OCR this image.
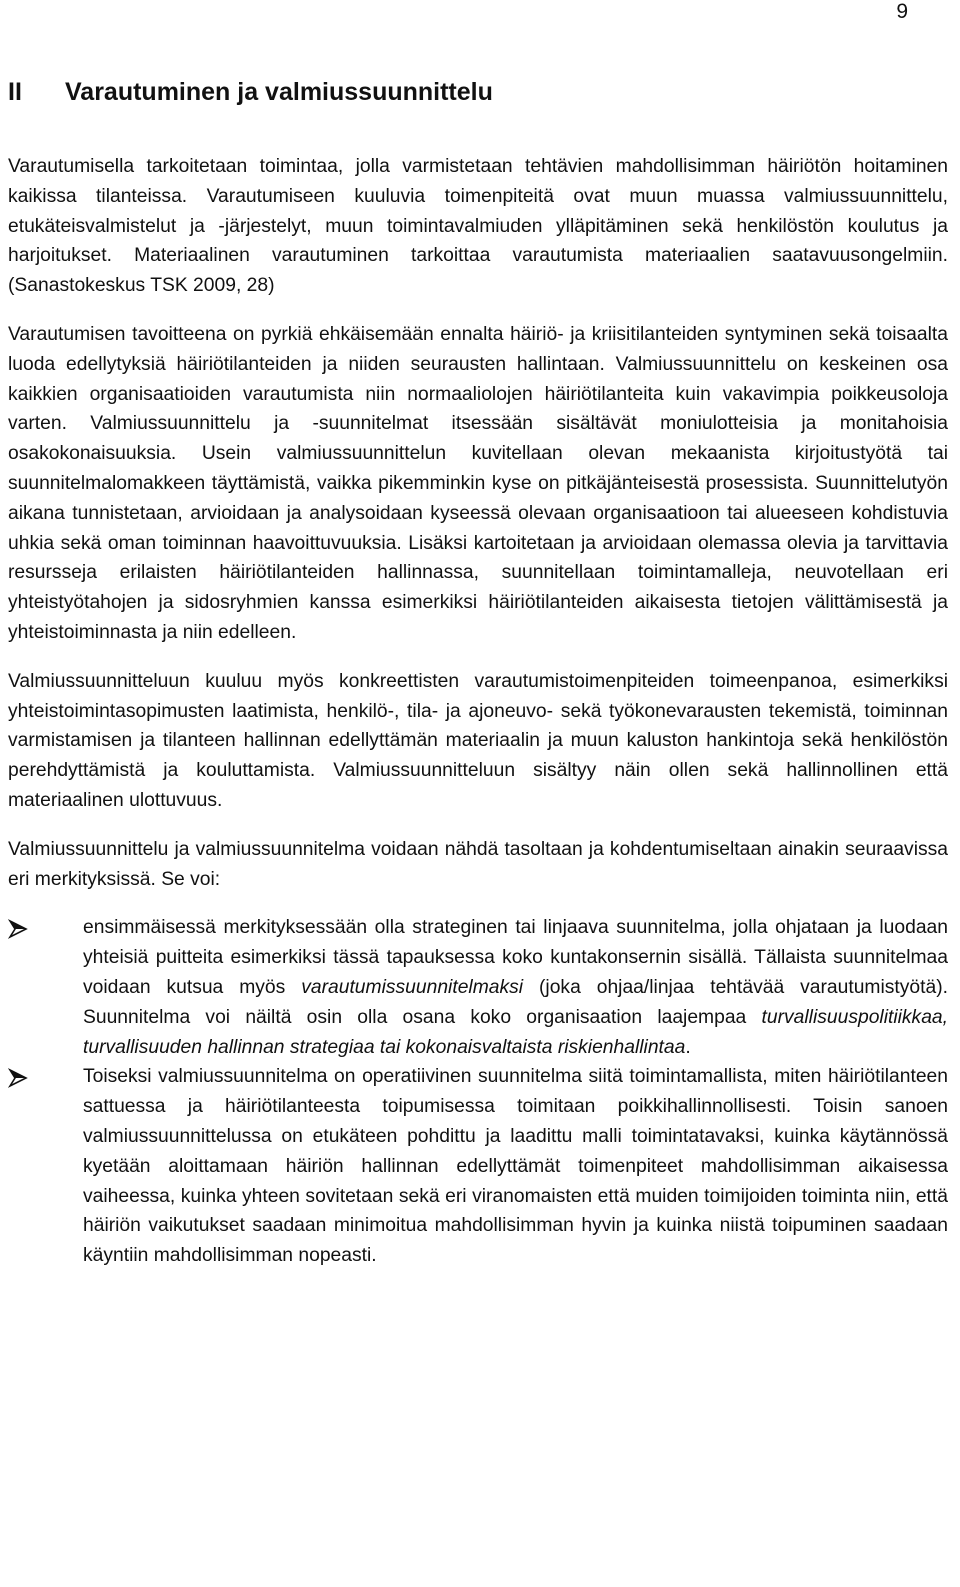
9
II	Varautuminen ja valmiussuunnittelu

Varautumisella tarkoitetaan toimintaa, jolla varmistetaan tehtävien mahdollisimman häiriötön hoitaminen kaikissa tilanteissa. Varautumiseen kuuluvia toimenpiteitä ovat muun muassa valmiussuunnittelu, etukäteisvalmistelut ja -järjestelyt, muun toimintavalmiuden ylläpitäminen sekä henkilöstön koulutus ja harjoitukset. Materiaalinen varautuminen tarkoittaa varautumista materiaalien saatavuusongelmiin. (Sanastokeskus TSK 2009, 28)

Varautumisen tavoitteena on pyrkiä ehkäisemään ennalta häiriö- ja kriisitilanteiden syntyminen sekä toisaalta luoda edellytyksiä häiriötilanteiden ja niiden seurausten hallintaan. Valmiussuunnittelu on keskeinen osa kaikkien organisaatioiden varautumista niin normaaliolojen häiriötilanteita kuin vakavimpia poikkeusoloja varten. Valmiussuunnittelu ja -suunnitelmat itsessään sisältävät moniulotteisia ja monitahoisia osakokonaisuuksia. Usein valmiussuunnittelun kuvitellaan olevan mekaanista kirjoitustyötä tai suunnitelmalomakkeen täyttämistä, vaikka pikemminkin kyse on pitkäjänteisestä prosessista. Suunnittelutyön aikana tunnistetaan, arvioidaan ja analysoidaan kyseessä olevaan organisaatioon tai alueeseen kohdistuvia uhkia sekä oman toiminnan haavoittuvuuksia. Lisäksi kartoitetaan ja arvioidaan olemassa olevia ja tarvittavia resursseja erilaisten häiriötilanteiden hallinnassa, suunnitellaan toimintamalleja, neuvotellaan eri yhteistyötahojen ja sidosryhmien kanssa esimerkiksi häiriötilanteiden aikaisesta tietojen välittämisestä ja yhteistoiminnasta ja niin edelleen.

Valmiussuunnitteluun kuuluu myös konkreettisten varautumistoimenpiteiden toimeenpanoa, esimerkiksi yhteistoimintasopimusten laatimista, henkilö-, tila- ja ajoneuvo- sekä työkonevarausten tekemistä, toiminnan varmistamisen ja tilanteen hallinnan edellyttämän materiaalin ja muun kaluston hankintoja sekä henkilöstön perehdyttämistä ja kouluttamista. Valmiussuunnitteluun sisältyy näin ollen sekä hallinnollinen että materiaalinen ulottuvuus.

Valmiussuunnittelu ja valmiussuunnitelma voidaan nähdä tasoltaan ja kohdentumiseltaan ainakin seuraavissa eri merkityksissä. Se voi:

ensimmäisessä merkityksessään olla strateginen tai linjaava suunnitelma, jolla ohjataan ja luodaan yhteisiä puitteita esimerkiksi tässä tapauksessa koko kuntakonsernin sisällä. Tällaista suunnitelmaa voidaan kutsua myös varautumissuunnitelmaksi (joka ohjaa/linjaa tehtävää varautumistyötä). Suunnitelma voi näiltä osin olla osana koko organisaation laajempaa turvallisuuspolitiikkaa, turvallisuuden hallinnan strategiaa tai kokonaisvaltaista riskienhallintaa.
Toiseksi valmiussuunnitelma on operatiivinen suunnitelma siitä toimintamallista, miten häiriötilanteen sattuessa ja häiriötilanteesta toipumisessa toimitaan poikkihallinnollisesti. Toisin sanoen valmiussuunnittelussa on etukäteen pohdittu ja laadittu malli toimintatavaksi, kuinka käytännössä kyetään aloittamaan häiriön hallinnan edellyttämät toimenpiteet mahdollisimman aikaisessa vaiheessa, kuinka yhteen sovitetaan sekä eri viranomaisten että muiden toimijoiden toiminta niin, että häiriön vaikutukset saadaan minimoitua mahdollisimman hyvin ja kuinka niistä toipuminen saadaan käyntiin mahdollisimman nopeasti.
